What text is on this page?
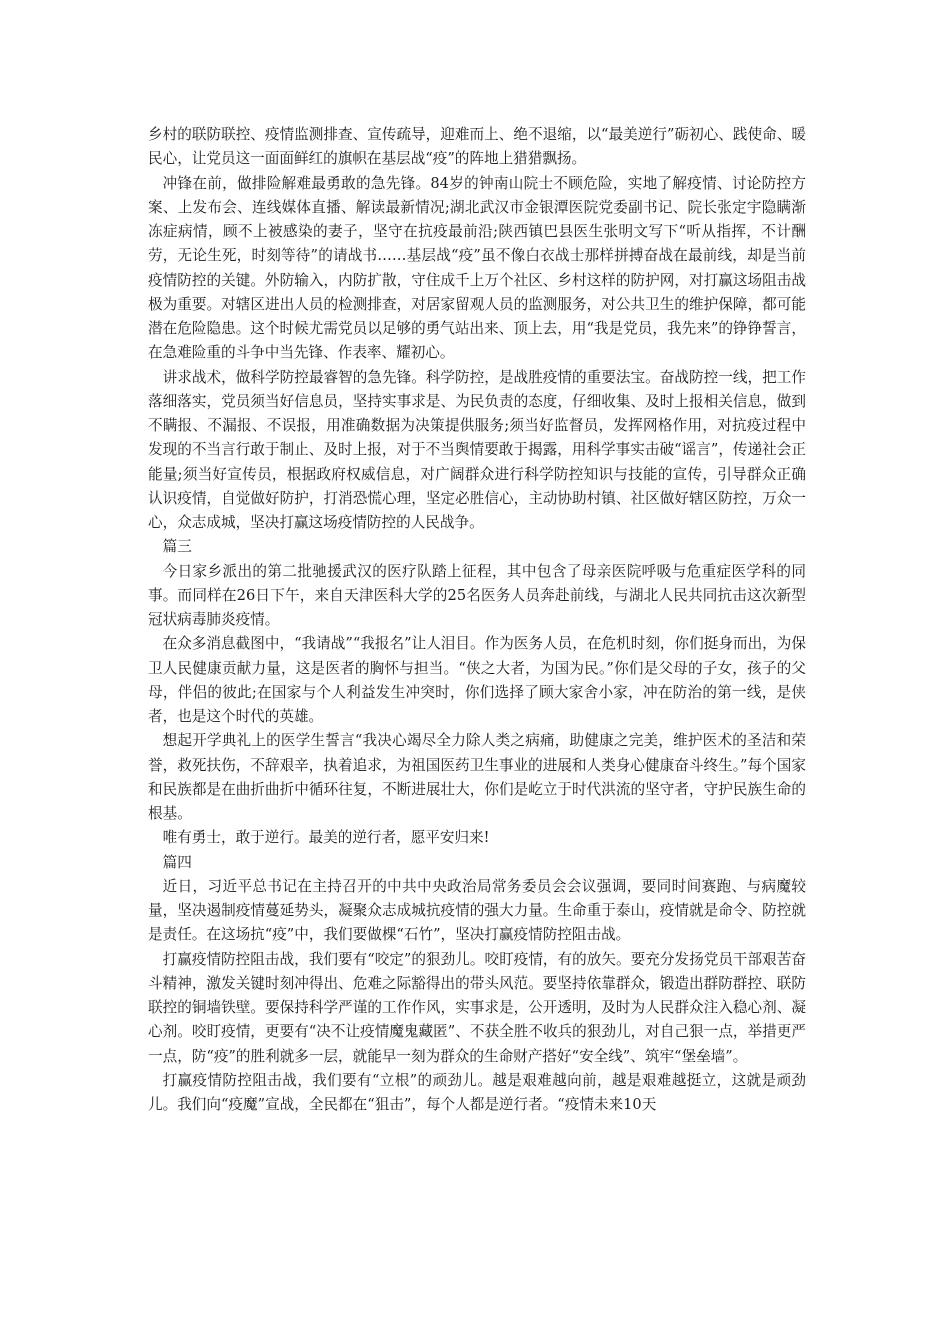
乡村的联防联控、疫情监测排查、宣传疏导，迎难而上、绝不退缩，以“最美逆行”砺初心、践使命、暖民心，让党员这一面面鲜红的旗帜在基层战“疫”的阵地上猎猎飘扬。

冲锋在前，做排险解难最勇敢的急先锋。84岁的钟南山院士不顾危险，实地了解疫情、讨论防控方案、上发布会、连线媒体直播、解读最新情况;湖北武汉市金银潭医院党委副书记、院长张定宇隐瞒渐冻症病情，顾不上被感染的妻子，坚守在抗疫最前沿;陕西镇巴县医生张明文写下“听从指挥，不计酬劳，无论生死，时刻等待”的请战书……基层战“疫”虽不像白衣战士那样拼搏奋战在最前线，却是当前疫情防控的关键。外防输入，内防扩散，守住成千上万个社区、乡村这样的防护网，对打赢这场阻击战极为重要。对辖区进出人员的检测排查，对居家留观人员的监测服务，对公共卫生的维护保障，都可能潜在危险隐患。这个时候尤需党员以足够的勇气站出来、顶上去，用“我是党员，我先来”的铮铮誓言，在急难险重的斗争中当先锋、作表率、耀初心。

讲求战术，做科学防控最睿智的急先锋。科学防控，是战胜疫情的重要法宝。奋战防控一线，把工作落细落实，党员须当好信息员，坚持实事求是、为民负责的态度，仔细收集、及时上报相关信息，做到不瞒报、不漏报、不误报，用准确数据为决策提供服务;须当好监督员，发挥网格作用，对抗疫过程中发现的不当言行敢于制止、及时上报，对于不当舆情要敢于揭露，用科学事实击破“谣言”，传递社会正能量;须当好宣传员，根据政府权威信息，对广阔群众进行科学防控知识与技能的宣传，引导群众正确认识疫情，自觉做好防护，打消恐慌心理，坚定必胜信心，主动协助村镇、社区做好辖区防控，万众一心，众志成城，坚决打赢这场疫情防控的人民战争。

篇三

今日家乡派出的第二批驰援武汉的医疗队踏上征程，其中包含了母亲医院呼吸与危重症医学科的同事。而同样在26日下午，来自天津医科大学的25名医务人员奔赴前线，与湖北人民共同抗击这次新型冠状病毒肺炎疫情。

在众多消息截图中，“我请战”“我报名”让人泪目。作为医务人员，在危机时刻，你们挺身而出，为保卫人民健康贡献力量，这是医者的胸怀与担当。“侠之大者，为国为民。”你们是父母的子女，孩子的父母，伴侣的彼此;在国家与个人利益发生冲突时，你们选择了顾大家舍小家，冲在防治的第一线，是侠者，也是这个时代的英雄。

想起开学典礼上的医学生誓言“我决心竭尽全力除人类之病痛，助健康之完美，维护医术的圣洁和荣誉，救死扶伤，不辞艰辛，执着追求，为祖国医药卫生事业的进展和人类身心健康奋斗终生。”每个国家和民族都是在曲折曲折中循环往复，不断进展壮大，你们是屹立于时代洪流的坚守者，守护民族生命的根基。

唯有勇士，敢于逆行。最美的逆行者，愿平安归来!

篇四

近日，习近平总书记在主持召开的中共中央政治局常务委员会会议强调，要同时间赛跑、与病魔较量，坚决遏制疫情蔓延势头，凝聚众志成城抗疫情的强大力量。生命重于泰山，疫情就是命令、防控就是责任。在这场抗“疫”中，我们要做棵“石竹”，坚决打赢疫情防控阻击战。

打赢疫情防控阻击战，我们要有“咬定”的狠劲儿。咬盯疫情，有的放矢。要充分发扬党员干部艰苦奋斗精神，激发关键时刻冲得出、危难之际豁得出的带头风范。要坚持依靠群众，锻造出群防群控、联防联控的铜墙铁壁。要保持科学严谨的工作作风，实事求是，公开透明，及时为人民群众注入稳心剂、凝心剂。咬盯疫情，更要有“决不让疫情魔鬼藏匿”、不获全胜不收兵的狠劲儿，对自己狠一点，举措更严一点，防“疫”的胜利就多一层，就能早一刻为群众的生命财产搭好“安全线”、筑牢“堡垒墙”。

打赢疫情防控阻击战，我们要有“立根”的顽劲儿。越是艰难越向前，越是艰难越挺立，这就是顽劲儿。我们向“疫魔”宣战，全民都在“狙击”，每个人都是逆行者。“疫情未来10天
